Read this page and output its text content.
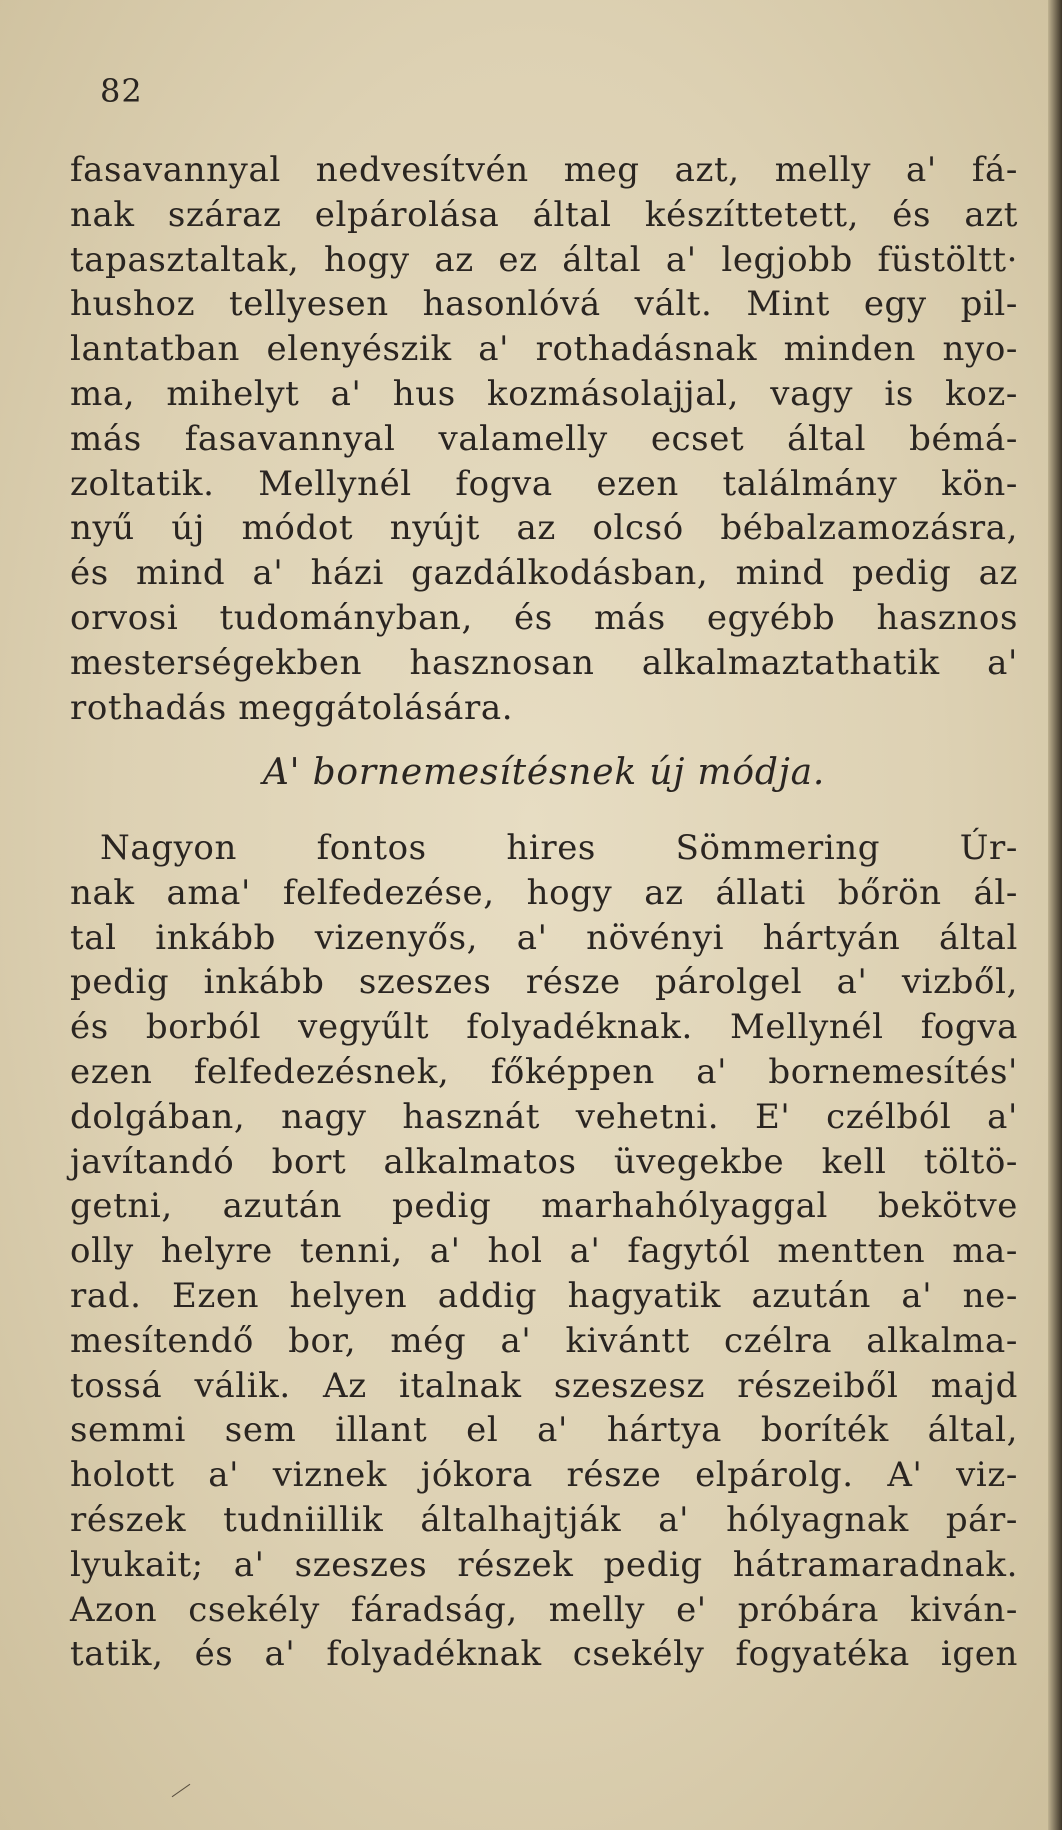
82
fasavannyal nedvesítvén meg azt, melly a' fá-
nak száraz elpárolása által készíttetett, és azt
tapasztaltak, hogy az ez által a' legjobb füstöltt·
hushoz tellyesen hasonlóvá vált. Mint egy pil-
lantatban elenyészik a' rothadásnak minden nyo-
ma, mihelyt a' hus kozmásolajjal, vagy is koz-
más fasavannyal valamelly ecset által bémá-
zoltatik. Mellynél fogva ezen találmány kön-
nyű új módot nyújt az olcsó bébalzamozásra,
és mind a' házi gazdálkodásban, mind pedig az
orvosi tudományban, és más egyébb hasznos
mesterségekben hasznosan alkalmaztathatik a'
rothadás meggátolására.
A' bornemesítésnek új módja.
Nagyon fontos hires Sömmering Úr-
nak ama' felfedezése, hogy az állati bőrön ál-
tal inkább vizenyős, a' növényi hártyán által
pedig inkább szeszes része párolgel a' vizből,
és borból vegyűlt folyadéknak. Mellynél fogva
ezen felfedezésnek, főképpen a' bornemesítés'
dolgában, nagy hasznát vehetni. E' czélból a'
javítandó bort alkalmatos üvegekbe kell töltö-
getni, azután pedig marhahólyaggal bekötve
olly helyre tenni, a' hol a' fagytól mentten ma-
rad. Ezen helyen addig hagyatik azután a' ne-
mesítendő bor, még a' kivántt czélra alkalma-
tossá válik. Az italnak szeszesz részeiből majd
semmi sem illant el a' hártya boríték által,
holott a' viznek jókora része elpárolg. A' viz-
részek tudniillik általhajtják a' hólyagnak pár-
lyukait; a' szeszes részek pedig hátramaradnak.
Azon csekély fáradság, melly e' próbára kiván-
tatik, és a' folyadéknak csekély fogyatéka igen
